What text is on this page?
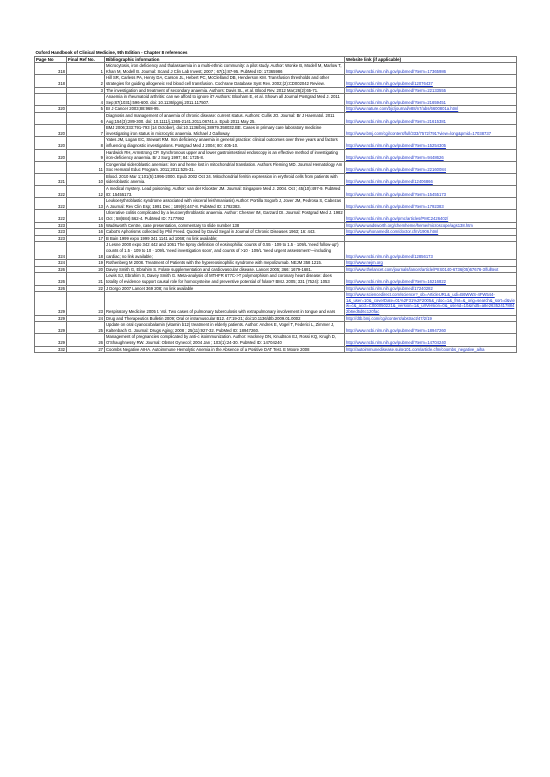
Oxford Handbook of Clinical Medicine, 9th Edition - Chapter 8 references			
Page No	Final Ref No.	Bibliographic information	Website link (if applicable)
318	1	Microcytosis, iron deficiency and thalassaemia in a multi-ethnic community: a pilot study. Author: Wonke B, Modell M, Marlow T, Khan M, Modell B. Journal: Scand J Clin Lab Invest; 2007 ; 67(1):87-95. PubMed ID: 17365986	http://www.ncbi.nlm.nih.gov/pubmed/?term=17365986
318	2	Hill SR, Carless PA, Henry DA, Carson JL, Hebert PC, McClelland DB, Henderson KM. Transfusion thresholds and other strategies for guiding allogeneic red blood cell transfusion. Cochrane Database Syst Rev. 2002;(2):CD002042 Review.	http://www.ncbi.nlm.nih.gov/pubmed/12076437
	3	The investigation and treatment of secondary anaemia. Authors: Davis SL, et al. Blood Rev. 2012 Mar;26(2):65-71.	http://www.ncbi.nlm.nih.gov/pubmed/?term=22133555
	4	Anaemia in rheumatoid arthritis: can we afford to ignore it? Authors: Bloxham E, et al. Shown all Journal Postgrad Med J. 2011 Sep;87(1031):596-600. doi: 10.1136/pgmj.2011.117507.	http://www.ncbi.nlm.nih.gov/pubmed/?term=21659451
320	5	Br J Cancer 2003;88:968-95.	http://www.nature.com/bjc/journal/v88/n7/abs/6600801a.html
	6	Diagnosis and management of anaemia of chronic disease: current status. Authors: Cullis JO. Journal: Br J Haematol. 2011 Aug;154(3):289-300. doi: 10.1111/j.1365-2141.2011.08741.x. Epub 2011 May 25.	http://www.ncbi.nlm.nih.gov/pubmed/?term=21615381
320	7	BMJ 2006;333:791-793 (14 October), doi:10.1136/bmj.38979.358032.BE. Cases in primary care laboratory medicine investigating iron status in microcytic anaemia. Michael J Galloway	http://www.bmj.com/cgi/content/full/333/7572/791?view=long&pmid=17038737
320	8	Yates JM, Logan EC, Stewart RM. Iron deficiency anaemia in general practice: clinical outcomes over three years and factors influencing diagnostic investigations. Postgrad Med J 2004; 80: 405-10.	http://www.ncbi.nlm.nih.gov/pubmed/?term=15254305
320	9	Hardwick RH, Armstrong CP. Synchronous upper and lower gastrointestinal endoscopy is an effective method of investigating iron-deficiency anaemia. Br J Surg 1997; 84: 1725-8.	http://www.ncbi.nlm.nih.gov/pubmed/?term=9448626
	11	Congenital sideroblastic anemias: iron and heme lost in mitochondrial translation. Authors Fleming MD. Journal Hematology Am Soc Hematol Educ Program. 2011;2011:525-31.	http://www.ncbi.nlm.nih.gov/pubmed/?term=22160084
321	10	Blood. 2010 Mar 1;101(5):1996-2000. Epub 2002 Oct 24. Mitochondrial ferritin expression in erythroid cells from patients with sideroblastic anemia.	http://www.ncbi.nlm.nih.gov/pubmed/12406866
322	12	A medical mystery. Lead poisoning. Author: van der Klooster JM. Journal: Singapore Med J. 2004. Oct ; 45(10):497-9. PubMed ID: 15455173.	http://www.ncbi.nlm.nih.gov/pubmed/?term=15455173
322	13	Leukoerythroblastic syndrome associated with visceral leishmaniasis) Author: Portilla Sogorb J, Jover JM, Pedrosa S, Cabezas A Journal: Rev Clin Esp; 1991 Dec ; 189(9):447-8. PubMed ID: 1792383.	http://www.ncbi.nlm.nih.gov/pubmed/?term=1792383
322	14	Ulcerative colitis complicated by a leucoerythroblastic anaemia. Author: Chesner IM, Garzard DI. Journal: Postgrad Med J. 1982 Oct ; 58(684):662-4. PubMed ID: 7177992	http://www.ncbi.nlm.nih.gov/pmc/articles/PMC2426402/
323	15	Wadsworth Centre, case presentation, commentary to slide number 138	http://www.wadsworth.org/chemheme/heme/microscope/ags138.htm
323	16	Cabot's Aphorisms collected by Phil Freed. Quoted by David Segal in Journal of Chronic Diseases 1963; 16: 443.	http://www.whonamedit.com/doctor.cfm/1906.html
323	17	B Bain 1999 expo 1999 341 1141 ad 1068; no link available;	
324	18	J Lesne 2000 expo 342 442 and 1061 The 5proy definition of eosinophilia: counts of 0.55 · 109 to 1.5 · 109/L 'need follow-up') counts of 1.5 · 109 to 10 · 109/L 'need investigation soon', and counts of >10 · 109/L 'need urgent assessment'—including cardiac; no link available;	http://www.ncbi.nlm.nih.gov/pubmed/12856173
324	19	Rothenberg M 2008. Treatment of Patients with the hypereosinophilic syndrome with mepolizumab. NEJM 358 1215.	http://www.nejm.org
326	20	Davey Smith G, Ebrahim S. Folate supplementation and cardiovascular disease. Lancet 2005; 366: 1679-1681.	http://www.thelancet.com/journals/lancet/article/PIIS0140-6736(05)67676-3/fulltext
326	21	Lewis SJ, Ebrahim S, Davey Smith G. Meta-analysis of MTHFR 677C->T polymorphism and coronary heart disease: does totality of evidence support causal role for homocysteine and preventive potential of folate? BMJ. 2005; 331 (7524): 1053	http://www.ncbi.nlm.nih.gov/pubmed/?term=16216822
326	22	J Dorgo 2007 Lancet 369 208; no link available	http://www.ncbi.nlm.nih.gov/pubmed/17240282
329	23	Respiratory Medicine 2005 t. Vol. Two cases of pulmonary tuberculosis with extrapulmonary involvement in tongue and ears	http://www.sciencedirect.com/science?_ob=ArticleURL&_udi=B6WWS-4FW544-1&_user=10&_coverDate=01%2F31%2F2005&_rdoc=1&_fmt=&_orig=search&_sort=d&view=c&_acct=C000050221&_version=1&_urlVersion=0&_userid=10&md5=a8e263524178842b6ed5d6c120fac
329	24	Drug and Therapeutics Bulletin 2009; Oral or intramuscular B12. 47:19-21; doi:10.1136/dtb.2009.01.0002	http://dtb.bmj.com/cgi/content/abstract/47/2/19
329	25	Update on oral cyanocobalamin (vitamin b12) treatment in elderly patients. Author: Andres E, Vogel T, Federici L, Zimmer J, Kaltenbach G. Journal: Drugs Aging; 2008 ; 25(11):927-32. PubMed ID: 18947260.	http://www.ncbi.nlm.nih.gov/pubmed/?term=18947260
329	26	Management of pregnancies complicated by anti-c isoimmunization. Author: Hackney DN, Knudtson EJ, Rossi KQ, Krugh D, O'Shaughnessy RW. Journal: Obstet Gynecol; 2004 Jan ; 103(1):24-30. PubMed ID: 14704240	http://www.ncbi.nlm.nih.gov/pubmed/?term=14704240
332	27	Coombs Negative AIHA. Autoimmune Hemolytic Anemia in the Absence of a Positive DAT Test. E Moore 2008	http://autoimmunedisease.suite101.com/article.cfm/coombs_negative_aiha
